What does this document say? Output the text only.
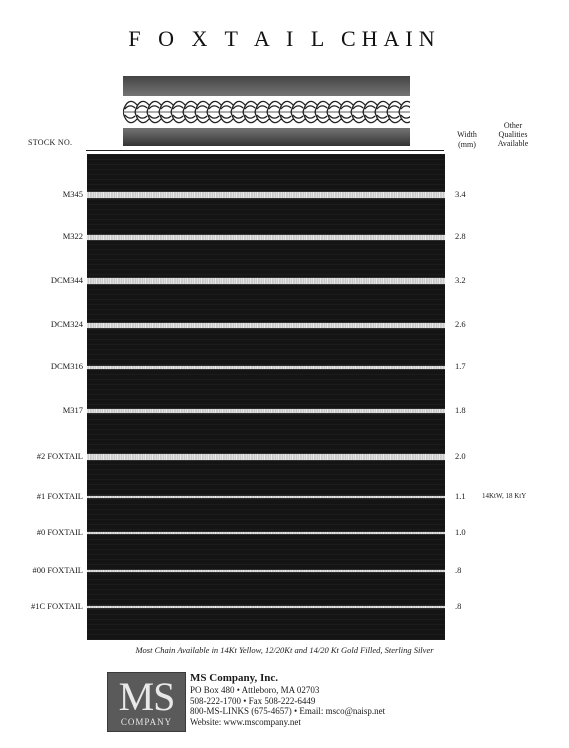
F O X T A I L CHAIN
STOCK NO.
Width
(mm)
Other
Qualities
Available
M345	3.4
M322	2.8
DCM344	3.2
DCM324	2.6
DCM316	1.7
M317	1.8
#2 FOXTAIL	2.0
#1 FOXTAIL	1.1 14KtW, 18 KtY
#0 FOXTAIL	1.0
#00 FOXTAIL	.8
#1C FOXTAIL	.8
Most Chain Available in 14Kt Yellow, 12/20Kt and 14/20 Kt Gold Filled, Sterling Silver
MS
COMPANY
MS Company, Inc.
PO Box 480 • Attleboro, MA 02703
508-222-1700 • Fax 508-222-6449
800-MS-LINKS (675-4657) • Email: msco@naisp.net
Website: www.mscompany.net
